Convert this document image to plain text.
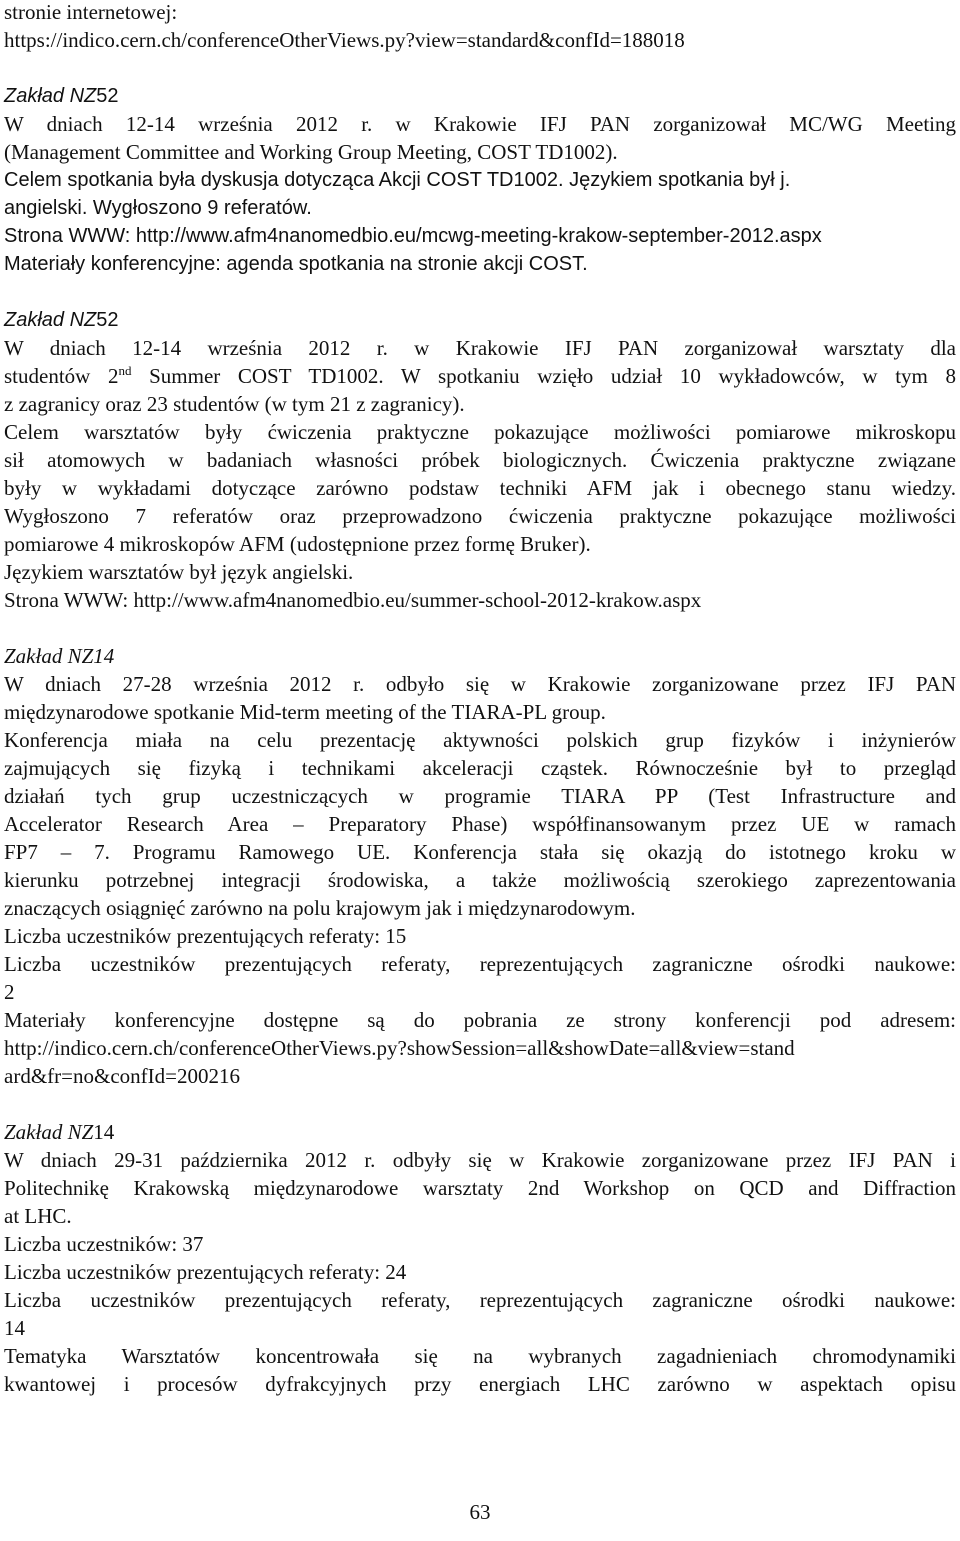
stronie internetowej:
https://indico.cern.ch/conferenceOtherViews.py?view=standard&confId=188018
Zakład NZ52
W dniach 12-14 września 2012 r. w Krakowie IFJ PAN zorganizował MC/WG Meeting
(Management Committee and Working Group Meeting, COST TD1002).
Celem spotkania była dyskusja dotycząca Akcji COST TD1002. Językiem spotkania był j.
angielski. Wygłoszono 9 referatów.
Strona WWW: http://www.afm4nanomedbio.eu/mcwg-meeting-krakow-september-2012.aspx
Materiały konferencyjne: agenda spotkania na stronie akcji COST.
Zakład NZ52
W dniach 12-14 września 2012 r. w Krakowie IFJ PAN zorganizował warsztaty dla
studentów 2nd Summer COST TD1002. W spotkaniu wzięło udział 10 wykładowców, w tym 8
z zagranicy oraz 23 studentów (w tym 21 z zagranicy).
Celem warsztatów były ćwiczenia praktyczne pokazujące możliwości pomiarowe mikroskopu
sił atomowych w badaniach własności próbek biologicznych. Ćwiczenia praktyczne związane
były w wykładami dotyczące zarówno podstaw techniki AFM jak i obecnego stanu wiedzy.
Wygłoszono 7 referatów oraz przeprowadzono ćwiczenia praktyczne pokazujące możliwości
pomiarowe 4 mikroskopów AFM (udostępnione przez formę Bruker).
Językiem warsztatów był język angielski.
Strona WWW: http://www.afm4nanomedbio.eu/summer-school-2012-krakow.aspx
Zakład NZ14
W dniach 27-28 września 2012 r. odbyło się w Krakowie zorganizowane przez IFJ PAN
międzynarodowe spotkanie Mid-term meeting of the TIARA-PL group.
Konferencja miała na celu prezentację aktywności polskich grup fizyków i inżynierów
zajmujących się fizyką i technikami akceleracji cząstek. Równocześnie był to przegląd
działań tych grup uczestniczących w programie TIARA PP (Test Infrastructure and
Accelerator Research Area – Preparatory Phase) współfinansowanym przez UE w ramach
FP7 – 7. Programu Ramowego UE. Konferencja stała się okazją do istotnego kroku w
kierunku potrzebnej integracji środowiska, a także możliwością szerokiego zaprezentowania
znaczących osiągnięć zarówno na polu krajowym jak i międzynarodowym.
Liczba uczestników prezentujących referaty: 15
Liczba uczestników prezentujących referaty, reprezentujących zagraniczne ośrodki naukowe:
2
Materiały konferencyjne dostępne są do pobrania ze strony konferencji pod adresem:
http://indico.cern.ch/conferenceOtherViews.py?showSession=all&showDate=all&view=stand
ard&fr=no&confId=200216
Zakład NZ14
W dniach 29-31 października 2012 r. odbyły się w Krakowie zorganizowane przez IFJ PAN i
Politechnikę Krakowską międzynarodowe warsztaty 2nd Workshop on QCD and Diffraction
at LHC.
Liczba uczestników: 37
Liczba uczestników prezentujących referaty: 24
Liczba uczestników prezentujących referaty, reprezentujących zagraniczne ośrodki naukowe:
14
Tematyka Warsztatów koncentrowała się na wybranych zagadnieniach chromodynamiki
kwantowej i procesów dyfrakcyjnych przy energiach LHC zarówno w aspektach opisu
63
